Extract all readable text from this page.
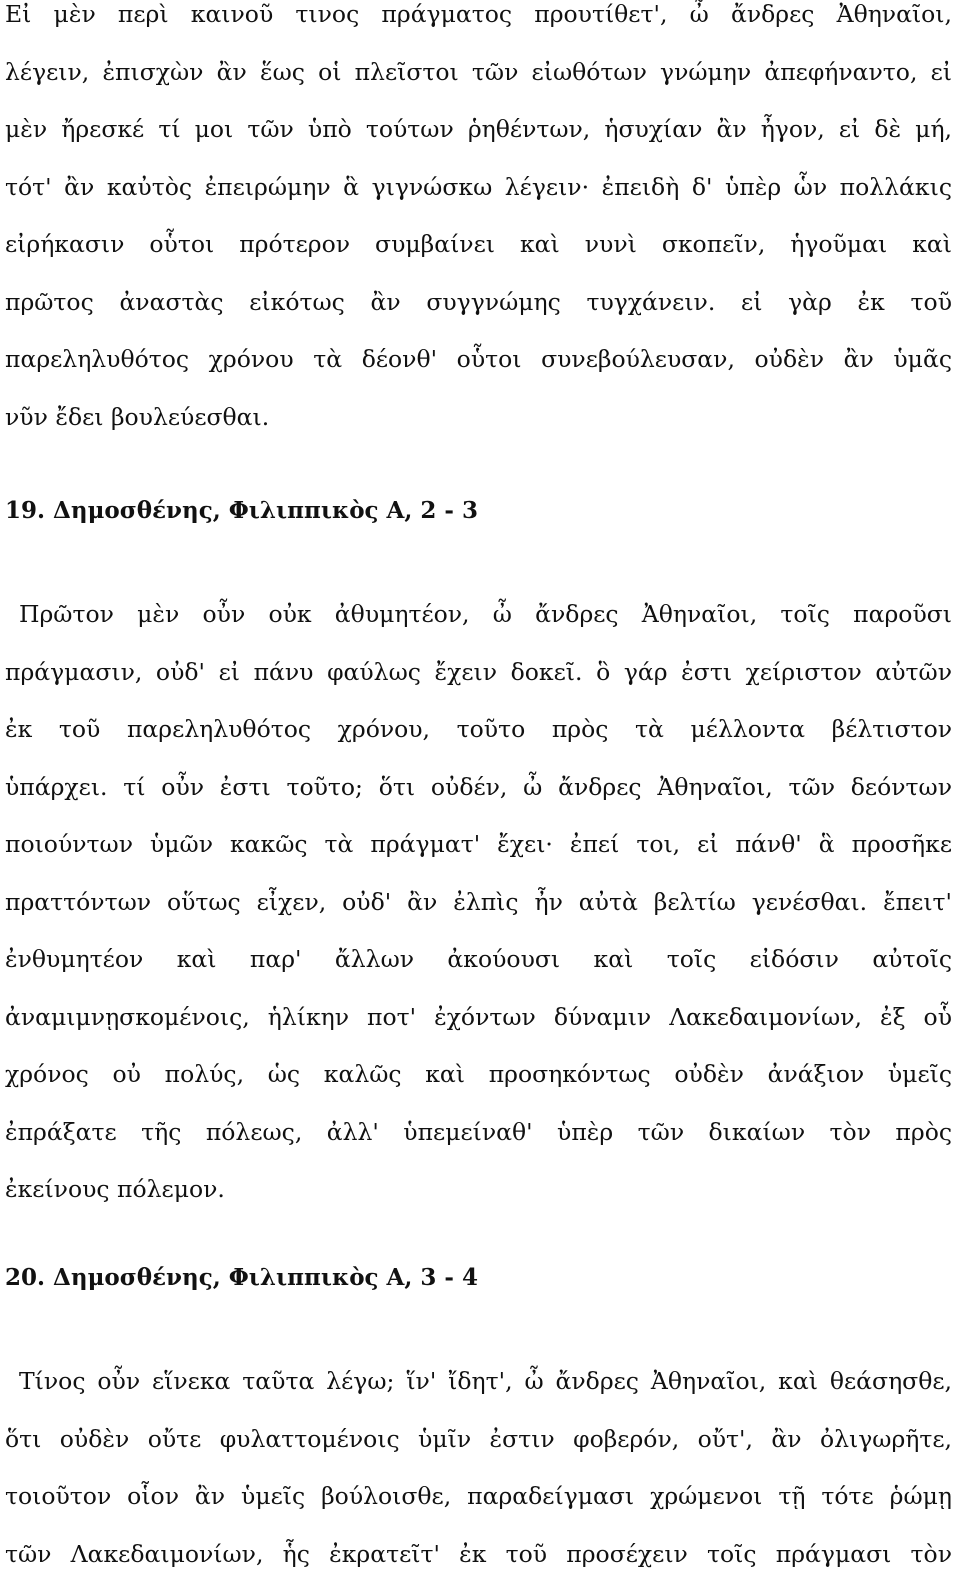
Εἰ μὲν περὶ καινοῦ τινος πράγματος προυτίθετ', ὦ ἄνδρες Ἀθηναῖοι,
λέγειν, ἐπισχὼν ἂν ἕως οἱ πλεῖστοι τῶν εἰωθότων γνώμην ἀπεφήναντο, εἰ
μὲν ἤρεσκέ τί μοι τῶν ὑπὸ τούτων ῥηθέντων, ἡσυχίαν ἂν ἦγον, εἰ δὲ μή,
τότ' ἂν καὐτὸς ἐπειρώμην ἃ γιγνώσκω λέγειν· ἐπειδὴ δ' ὑπὲρ ὧν πολλάκις
εἰρήκασιν οὗτοι πρότερον συμβαίνει καὶ νυνὶ σκοπεῖν, ἡγοῦμαι καὶ
πρῶτος ἀναστὰς εἰκότως ἂν συγγνώμης τυγχάνειν. εἰ γὰρ ἐκ τοῦ
παρεληλυθότος χρόνου τὰ δέονθ' οὗτοι συνεβούλευσαν, οὐδὲν ἂν ὑμᾶς
νῦν ἔδει βουλεύεσθαι.
19. Δημοσθένης, Φιλιππικὸς Α, 2 - 3
Πρῶτον μὲν οὖν οὐκ ἀθυμητέον, ὦ ἄνδρες Ἀθηναῖοι, τοῖς παροῦσι
πράγμασιν, οὐδ' εἰ πάνυ φαύλως ἔχειν δοκεῖ. ὃ γάρ ἐστι χείριστον αὐτῶν
ἐκ τοῦ παρεληλυθότος χρόνου, τοῦτο πρὸς τὰ μέλλοντα βέλτιστον
ὑπάρχει. τί οὖν ἐστι τοῦτο; ὅτι οὐδέν, ὦ ἄνδρες Ἀθηναῖοι, τῶν δεόντων
ποιούντων ὑμῶν κακῶς τὰ πράγματ' ἔχει· ἐπεί τοι, εἰ πάνθ' ἃ προσῆκε
πραττόντων οὕτως εἶχεν, οὐδ' ἂν ἐλπὶς ἦν αὐτὰ βελτίω γενέσθαι. ἔπειτ'
ἐνθυμητέον καὶ παρ' ἄλλων ἀκούουσι καὶ τοῖς εἰδόσιν αὐτοῖς
ἀναμιμνῃσκομένοις, ἡλίκην ποτ' ἐχόντων δύναμιν Λακεδαιμονίων, ἐξ οὗ
χρόνος οὐ πολύς, ὡς καλῶς καὶ προσηκόντως οὐδὲν ἀνάξιον ὑμεῖς
ἐπράξατε τῆς πόλεως, ἀλλ' ὑπεμείναθ' ὑπὲρ τῶν δικαίων τὸν πρὸς
ἐκείνους πόλεμον.
20. Δημοσθένης, Φιλιππικὸς Α, 3 - 4
Τίνος οὖν εἵνεκα ταῦτα λέγω; ἵν' ἴδητ', ὦ ἄνδρες Ἀθηναῖοι, καὶ θεάσησθε,
ὅτι οὐδὲν οὔτε φυλαττομένοις ὑμῖν ἐστιν φοβερόν, οὔτ', ἂν ὀλιγωρῆτε,
τοιοῦτον οἷον ἂν ὑμεῖς βούλοισθε, παραδείγμασι χρώμενοι τῇ τότε ῥώμῃ
τῶν Λακεδαιμονίων, ἧς ἐκρατεῖτ' ἐκ τοῦ προσέχειν τοῖς πράγμασι τὸν
